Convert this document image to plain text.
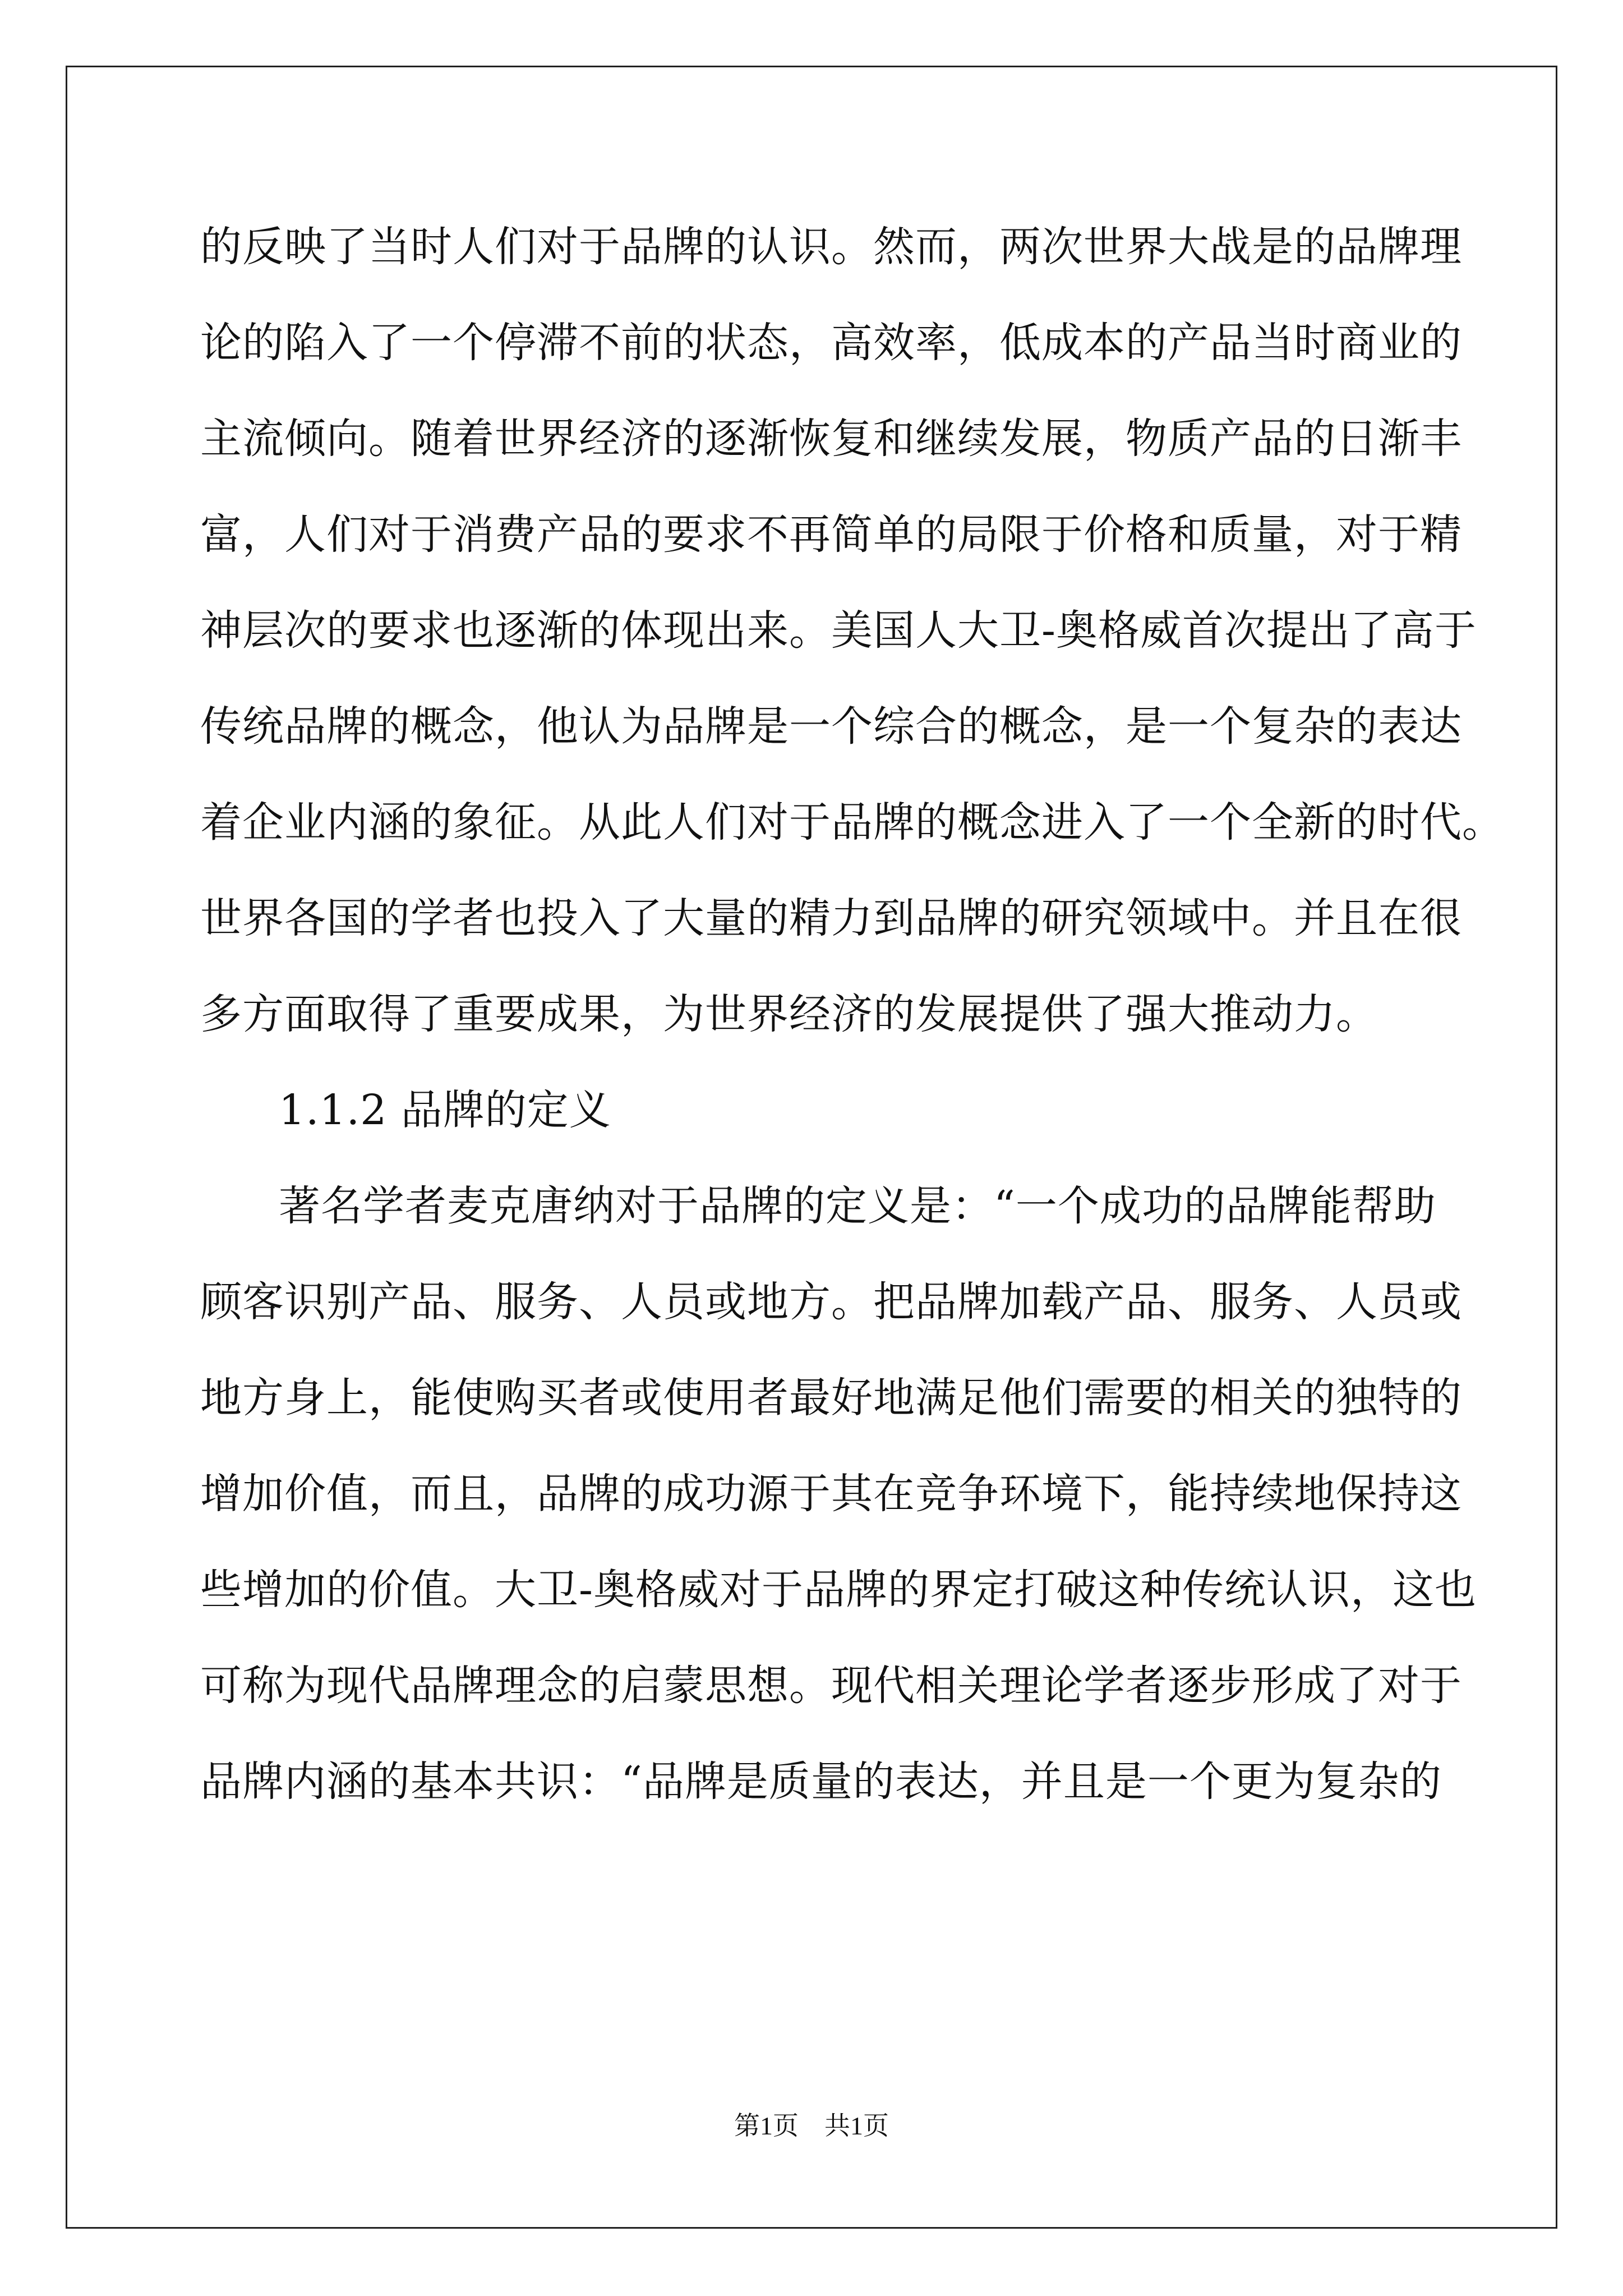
的反映了当时人们对于品牌的认识。然而，两次世界大战是的品牌理
论的陷入了一个停滞不前的状态，高效率，低成本的产品当时商业的
主流倾向。随着世界经济的逐渐恢复和继续发展，物质产品的日渐丰
富，人们对于消费产品的要求不再简单的局限于价格和质量，对于精
神层次的要求也逐渐的体现出来。美国人大卫-奥格威首次提出了高于
传统品牌的概念，他认为品牌是一个综合的概念，是一个复杂的表达
着企业内涵的象征。从此人们对于品牌的概念进入了一个全新的时代。
世界各国的学者也投入了大量的精力到品牌的研究领域中。并且在很
多方面取得了重要成果，为世界经济的发展提供了强大推动力。
1.1.2 品牌的定义
著名学者麦克唐纳对于品牌的定义是：“一个成功的品牌能帮助
顾客识别产品、服务、人员或地方。把品牌加载产品、服务、人员或
地方身上，能使购买者或使用者最好地满足他们需要的相关的独特的
增加价值，而且，品牌的成功源于其在竞争环境下，能持续地保持这
些增加的价值。大卫-奥格威对于品牌的界定打破这种传统认识，这也
可称为现代品牌理念的启蒙思想。现代相关理论学者逐步形成了对于
品牌内涵的基本共识：“品牌是质量的表达，并且是一个更为复杂的
第1页　共1页
